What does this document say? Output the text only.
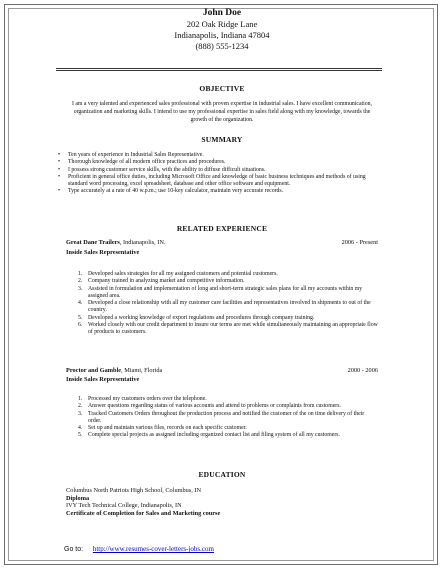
John Doe
202 Oak Ridge Lane
Indianapolis, Indiana 47804
(888) 555-1234
OBJECTIVE
I am a very talented and experienced sales professional with proven expertise in industrial sales. I have excellent communication, organization and marketing skills. I intend to use my professional expertise in sales field along with my knowledge, towards the growth of the organization.
SUMMARY
• Ten years of experience in Industrial Sales Representative.
• Thorough knowledge of all modern office practices and procedures.
• I possess strong customer service skills, with the ability to diffuse difficult situations.
• Proficient in general office duties, including Microsoft Office and knowledge of basic business techniques and methods of using standard word processing, excel spreadsheet, database and other office software and equipment.
• Type accurately at a rate of 40 w.p.m.; use 10-key calculator, maintain very accurate records.
RELATED EXPERIENCE
Great Dane Trailers, Indianapolis, IN.	2006 - Present
Inside Sales Representative
1. Developed sales strategies for all my assigned customers and potential customers.
2. Company trained in analyzing market and competitive information.
3. Assisted in formulation and implementation of long and short-term strategic sales plans for all my accounts within my assigned area.
4. Developed a close relationship with all my customer care facilities and representatives involved in shipments to out of the country.
5. Developed a working knowledge of export regulations and procedures through company training.
6. Worked closely with our credit department to insure our terms are met while simultaneously maintaining an appropriate flow of products to customers.
Proctor and Gamble, Miami, Florida	2000 - 2006
Inside Sales Representative
1. Processed my customers orders over the telephone.
2. Answer questions regarding status of various accounts and attend to problems or complaints from customers.
3. Tracked Customers Orders throughout the production process and notified the customer of the on time delivery of their order.
4. Set up and maintain various files, records on each specific customer.
5. Complete special projects as assigned including organized contact list and filing system of all my customers.
EDUCATION
Columbus North Patriots High School, Columbus, IN
Diploma
IVY Tech Technical College, Indianapolis, IN
Certificate of Completion for Sales and Marketing course
Go to: http://www.resumes-cover-letters-jobs.com
